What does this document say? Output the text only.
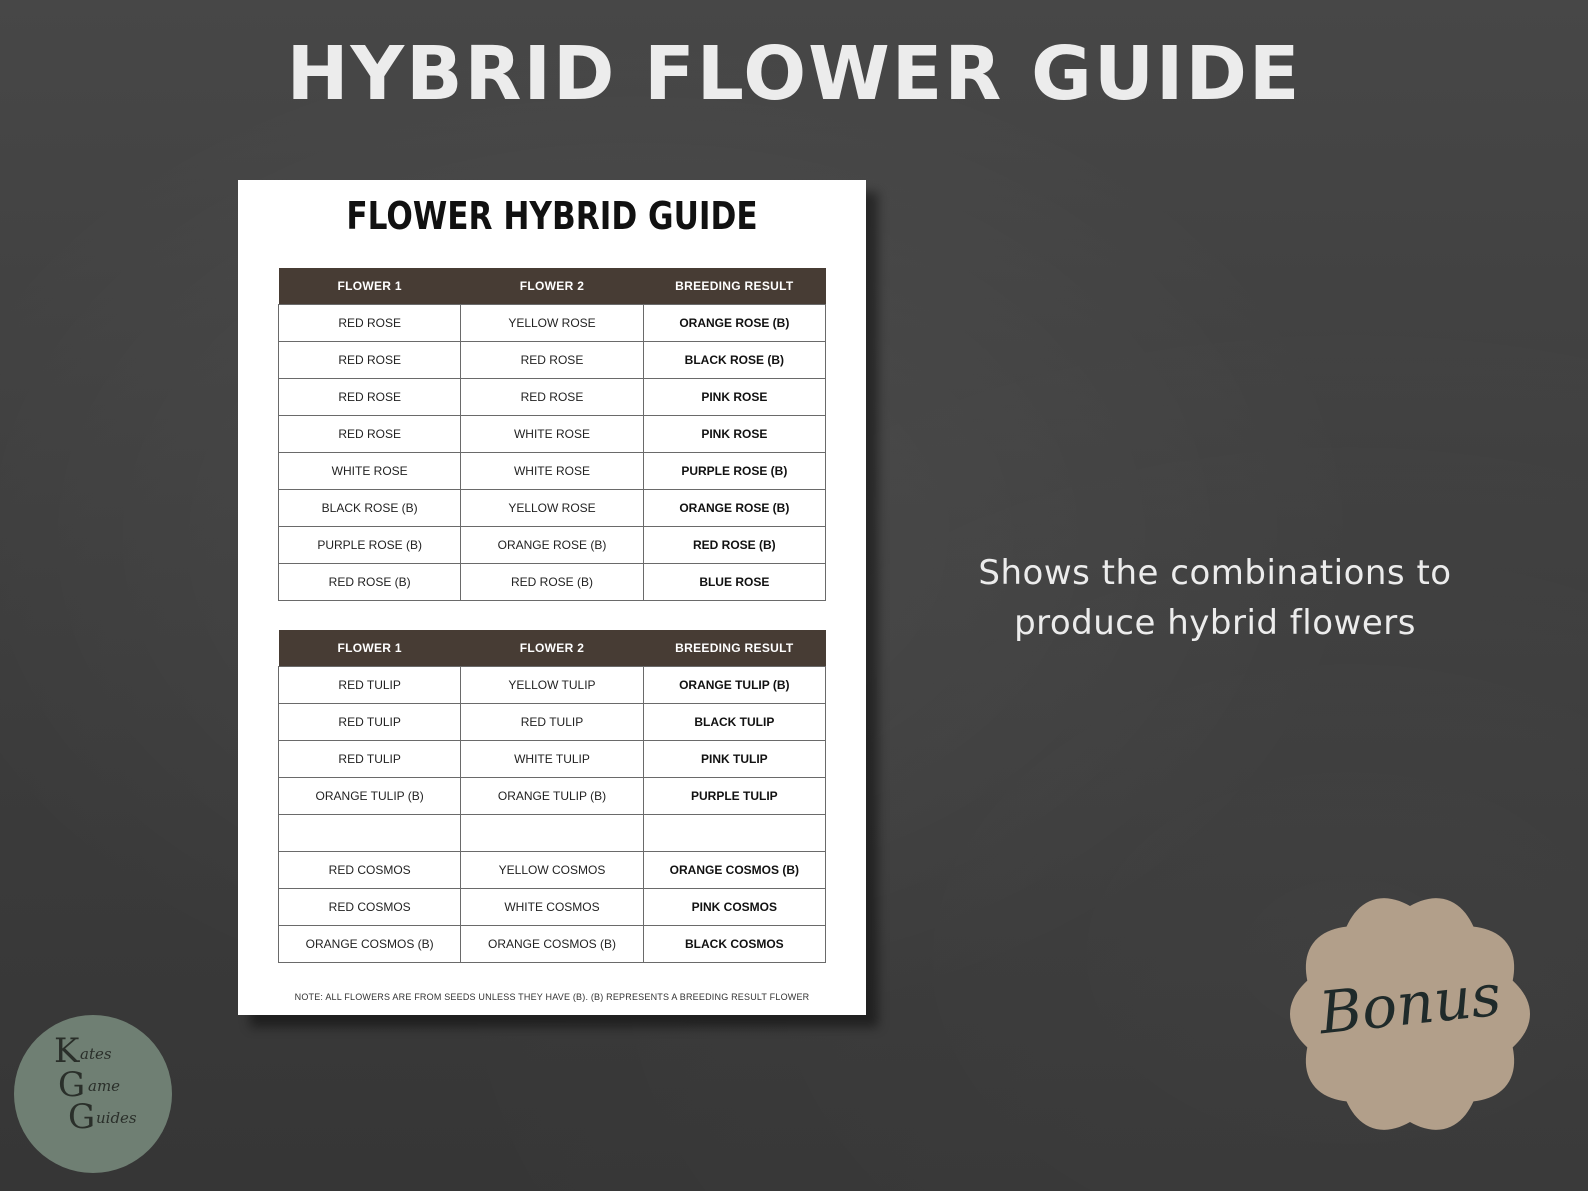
HYBRID FLOWER GUIDE
FLOWER HYBRID GUIDE
FLOWER 1	FLOWER 2	BREEDING RESULT
RED ROSE	YELLOW ROSE	ORANGE ROSE (B)
RED ROSE	RED ROSE	BLACK ROSE (B)
RED ROSE	RED ROSE	PINK ROSE
RED ROSE	WHITE ROSE	PINK ROSE
WHITE ROSE	WHITE ROSE	PURPLE ROSE (B)
BLACK ROSE (B)	YELLOW ROSE	ORANGE ROSE (B)
PURPLE ROSE (B)	ORANGE ROSE (B)	RED ROSE (B)
RED ROSE (B)	RED ROSE (B)	BLUE ROSE
FLOWER 1	FLOWER 2	BREEDING RESULT
RED TULIP	YELLOW TULIP	ORANGE TULIP (B)
RED TULIP	RED TULIP	BLACK TULIP
RED TULIP	WHITE TULIP	PINK TULIP
ORANGE TULIP (B)	ORANGE TULIP (B)	PURPLE TULIP

RED COSMOS	YELLOW COSMOS	ORANGE COSMOS (B)
RED COSMOS	WHITE COSMOS	PINK COSMOS
ORANGE COSMOS (B)	ORANGE COSMOS (B)	BLACK COSMOS
NOTE: ALL FLOWERS ARE FROM SEEDS UNLESS THEY HAVE (B). (B) REPRESENTS A BREEDING RESULT FLOWER
Shows the combinations to
produce hybrid flowers
Bonus
K ates
G ame
G uides
